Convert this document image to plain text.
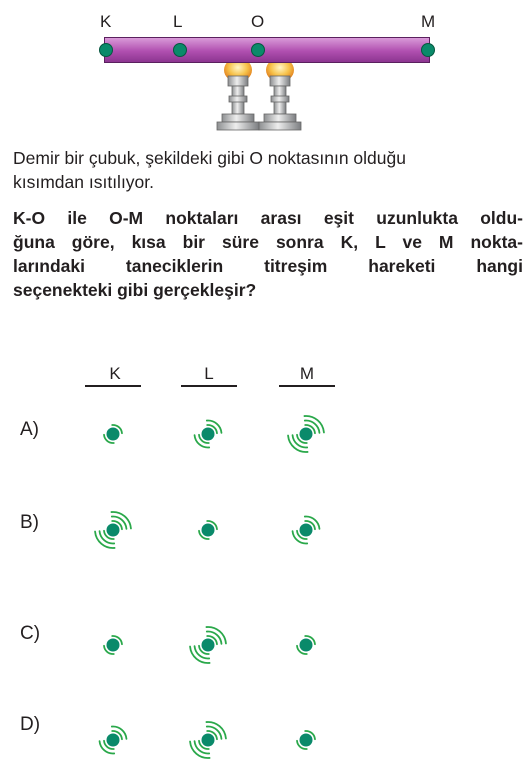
K	L	O	M
Demir bir çubuk, şekildeki gibi O noktasının olduğu
kısımdan ısıtılıyor.
K-O ile O-M noktaları arası eşit uzunlukta oldu-
ğuna göre, kısa bir süre sonra K, L ve M nokta-
larındaki taneciklerin titreşim hareketi hangi
seçenekteki gibi gerçekleşir?
K	L	M
A)
B)
C)
D)
